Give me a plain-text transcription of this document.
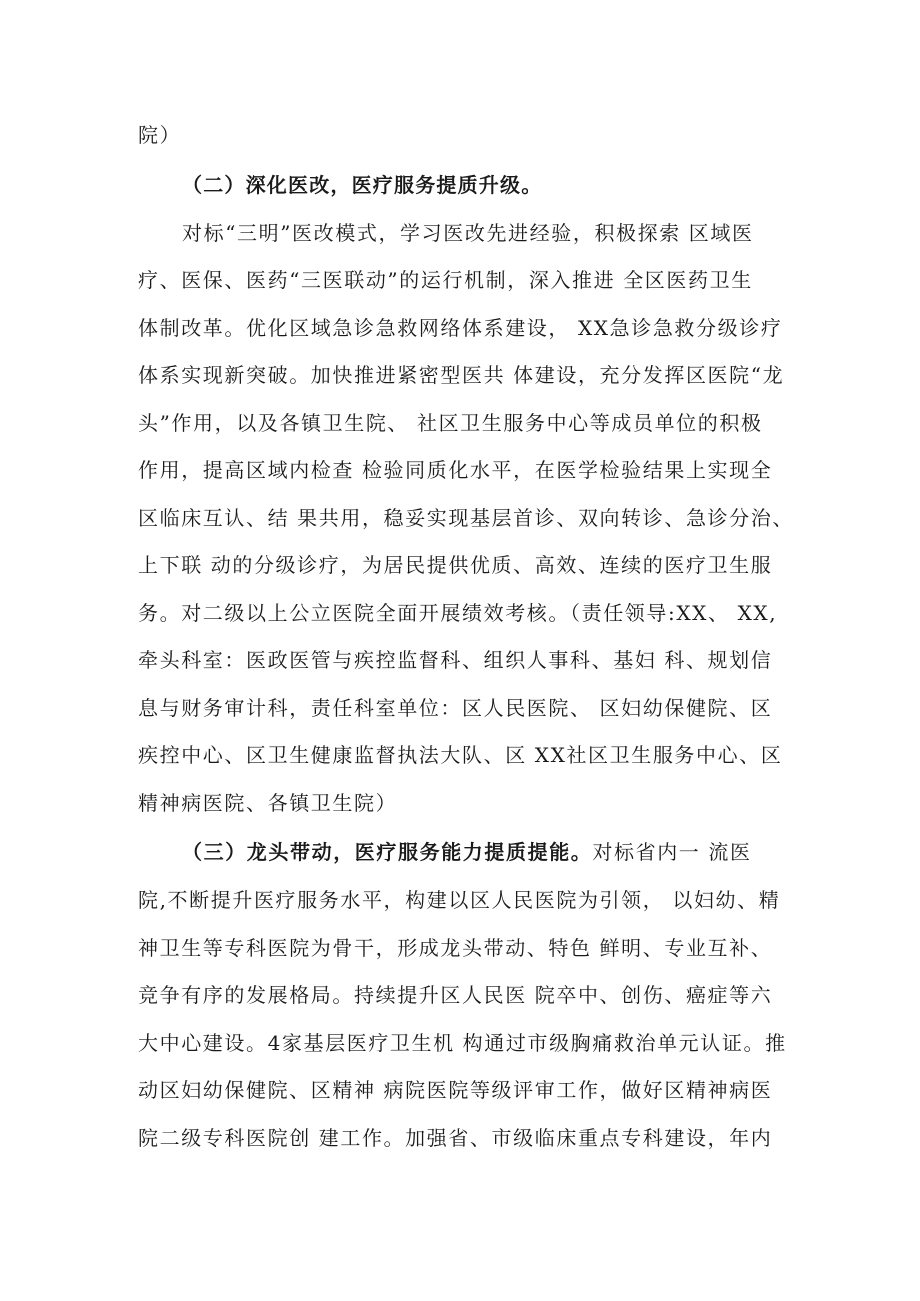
院）
（二）深化医改，医疗服务提质升级。
对标“三明”医改模式，学习医改先进经验，积极探索 区域医
疗、医保、医药“三医联动”的运行机制，深入推进 全区医药卫生
体制改革。优化区域急诊急救网络体系建设， XX急诊急救分级诊疗
体系实现新突破。加快推进紧密型医共 体建设，充分发挥区医院“龙
头”作用，以及各镇卫生院、 社区卫生服务中心等成员单位的积极
作用，提高区域内检查 检验同质化水平，在医学检验结果上实现全
区临床互认、结 果共用，稳妥实现基层首诊、双向转诊、急诊分治、
上下联 动的分级诊疗，为居民提供优质、高效、连续的医疗卫生服
务。对二级以上公立医院全面开展绩效考核。（责任领导:XX、 XX,
牵头科室：医政医管与疾控监督科、组织人事科、基妇 科、规划信
息与财务审计科，责任科室单位：区人民医院、 区妇幼保健院、区
疾控中心、区卫生健康监督执法大队、区 XX社区卫生服务中心、区
精神病医院、各镇卫生院）
（三）龙头带动，医疗服务能力提质提能。对标省内一 流医
院,不断提升医疗服务水平，构建以区人民医院为引领， 以妇幼、精
神卫生等专科医院为骨干，形成龙头带动、特色 鲜明、专业互补、
竞争有序的发展格局。持续提升区人民医 院卒中、创伤、癌症等六
大中心建设。4家基层医疗卫生机 构通过市级胸痛救治单元认证。推
动区妇幼保健院、区精神 病院医院等级评审工作，做好区精神病医
院二级专科医院创 建工作。加强省、市级临床重点专科建设，年内
